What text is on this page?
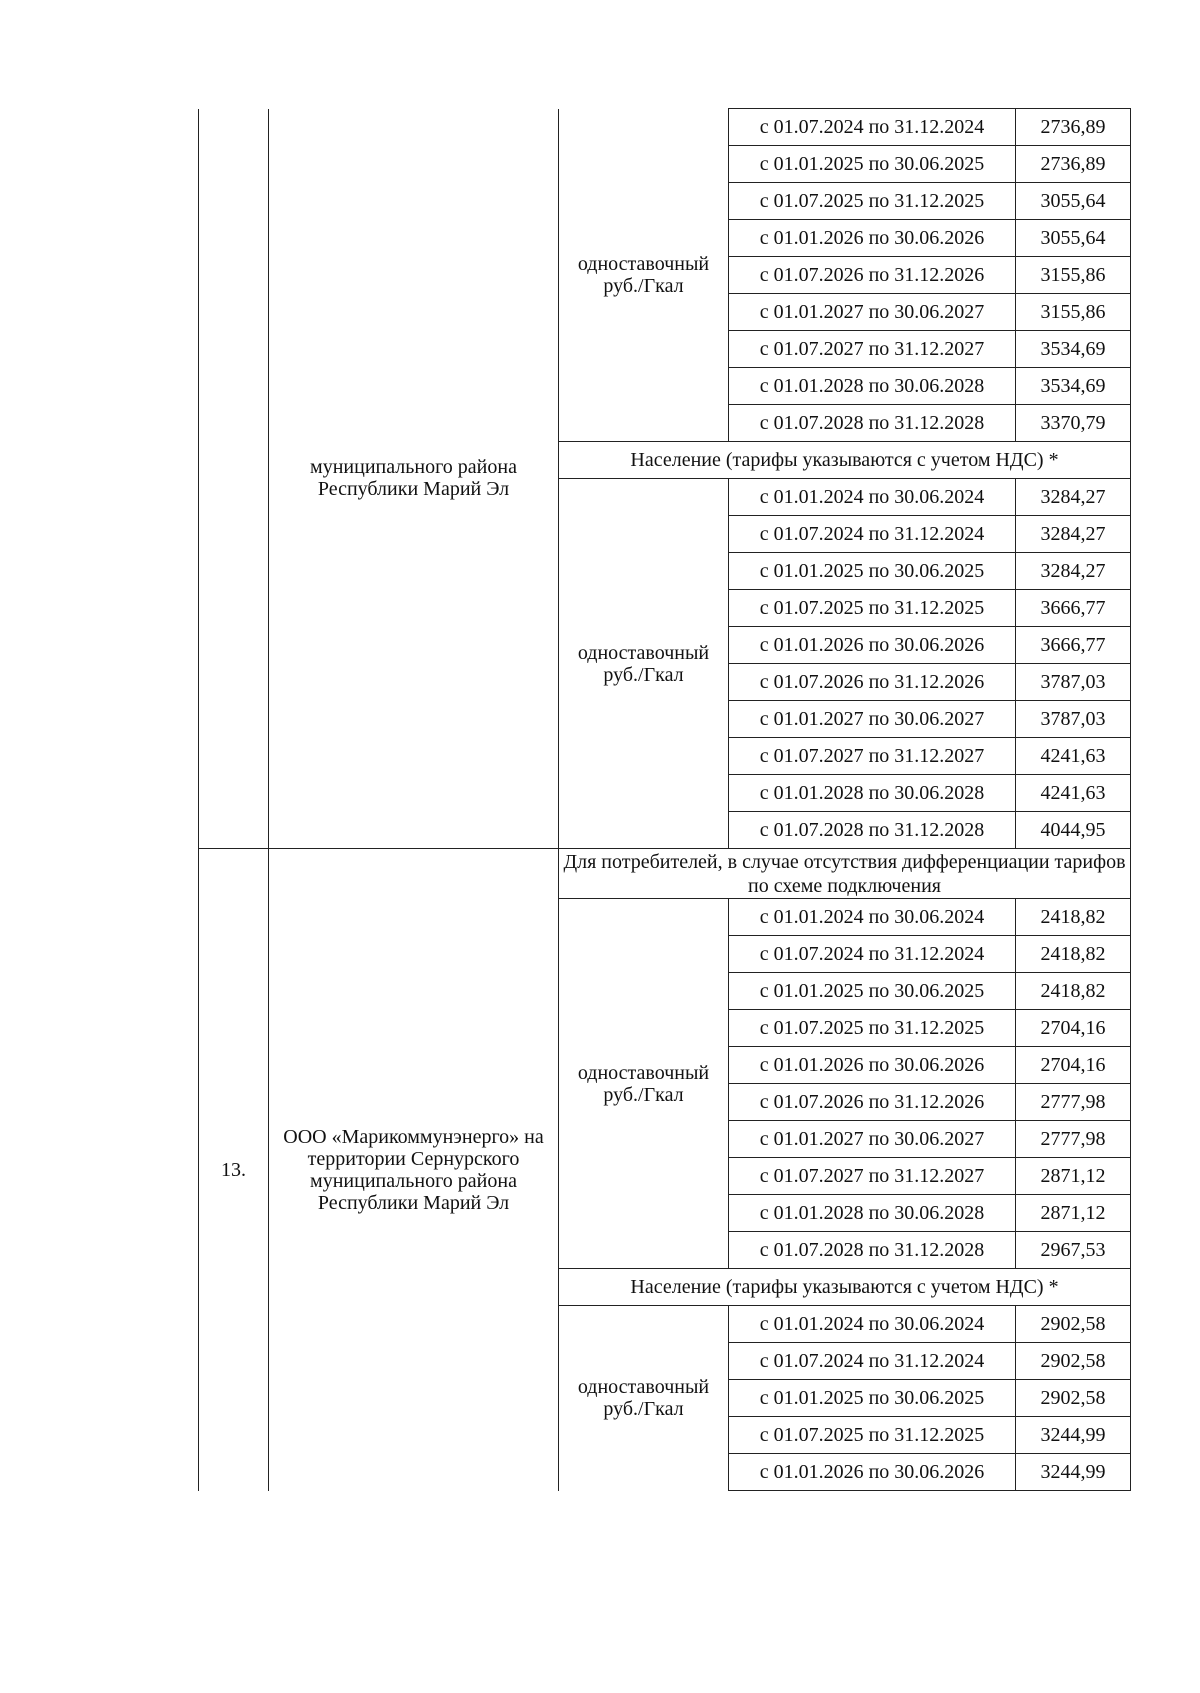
	муниципального района Республики Марий Эл	одноставочный руб./Гкал	с 01.07.2024 по 31.12.2024	2736,89
			с 01.01.2025 по 30.06.2025	2736,89
			с 01.07.2025 по 31.12.2025	3055,64
			с 01.01.2026 по 30.06.2026	3055,64
			с 01.07.2026 по 31.12.2026	3155,86
			с 01.01.2027 по 30.06.2027	3155,86
			с 01.07.2027 по 31.12.2027	3534,69
			с 01.01.2028 по 30.06.2028	3534,69
			с 01.07.2028 по 31.12.2028	3370,79
		Население (тарифы указываются с учетом НДС) *		
		одноставочный руб./Гкал	с 01.01.2024 по 30.06.2024	3284,27
			с 01.07.2024 по 31.12.2024	3284,27
			с 01.01.2025 по 30.06.2025	3284,27
			с 01.07.2025 по 31.12.2025	3666,77
			с 01.01.2026 по 30.06.2026	3666,77
			с 01.07.2026 по 31.12.2026	3787,03
			с 01.01.2027 по 30.06.2027	3787,03
			с 01.07.2027 по 31.12.2027	4241,63
			с 01.01.2028 по 30.06.2028	4241,63
			с 01.07.2028 по 31.12.2028	4044,95
13.	ООО «Марикоммунэнерго» на территории Сернурского муниципального района Республики Марий Эл	Для потребителей, в случае отсутствия дифференциации тарифов по схеме подключения		
		одноставочный руб./Гкал	с 01.01.2024 по 30.06.2024	2418,82
			с 01.07.2024 по 31.12.2024	2418,82
			с 01.01.2025 по 30.06.2025	2418,82
			с 01.07.2025 по 31.12.2025	2704,16
			с 01.01.2026 по 30.06.2026	2704,16
			с 01.07.2026 по 31.12.2026	2777,98
			с 01.01.2027 по 30.06.2027	2777,98
			с 01.07.2027 по 31.12.2027	2871,12
			с 01.01.2028 по 30.06.2028	2871,12
			с 01.07.2028 по 31.12.2028	2967,53
		Население (тарифы указываются с учетом НДС) *		
		одноставочный руб./Гкал	с 01.01.2024 по 30.06.2024	2902,58
			с 01.07.2024 по 31.12.2024	2902,58
			с 01.01.2025 по 30.06.2025	2902,58
			с 01.07.2025 по 31.12.2025	3244,99
			с 01.01.2026 по 30.06.2026	3244,99
